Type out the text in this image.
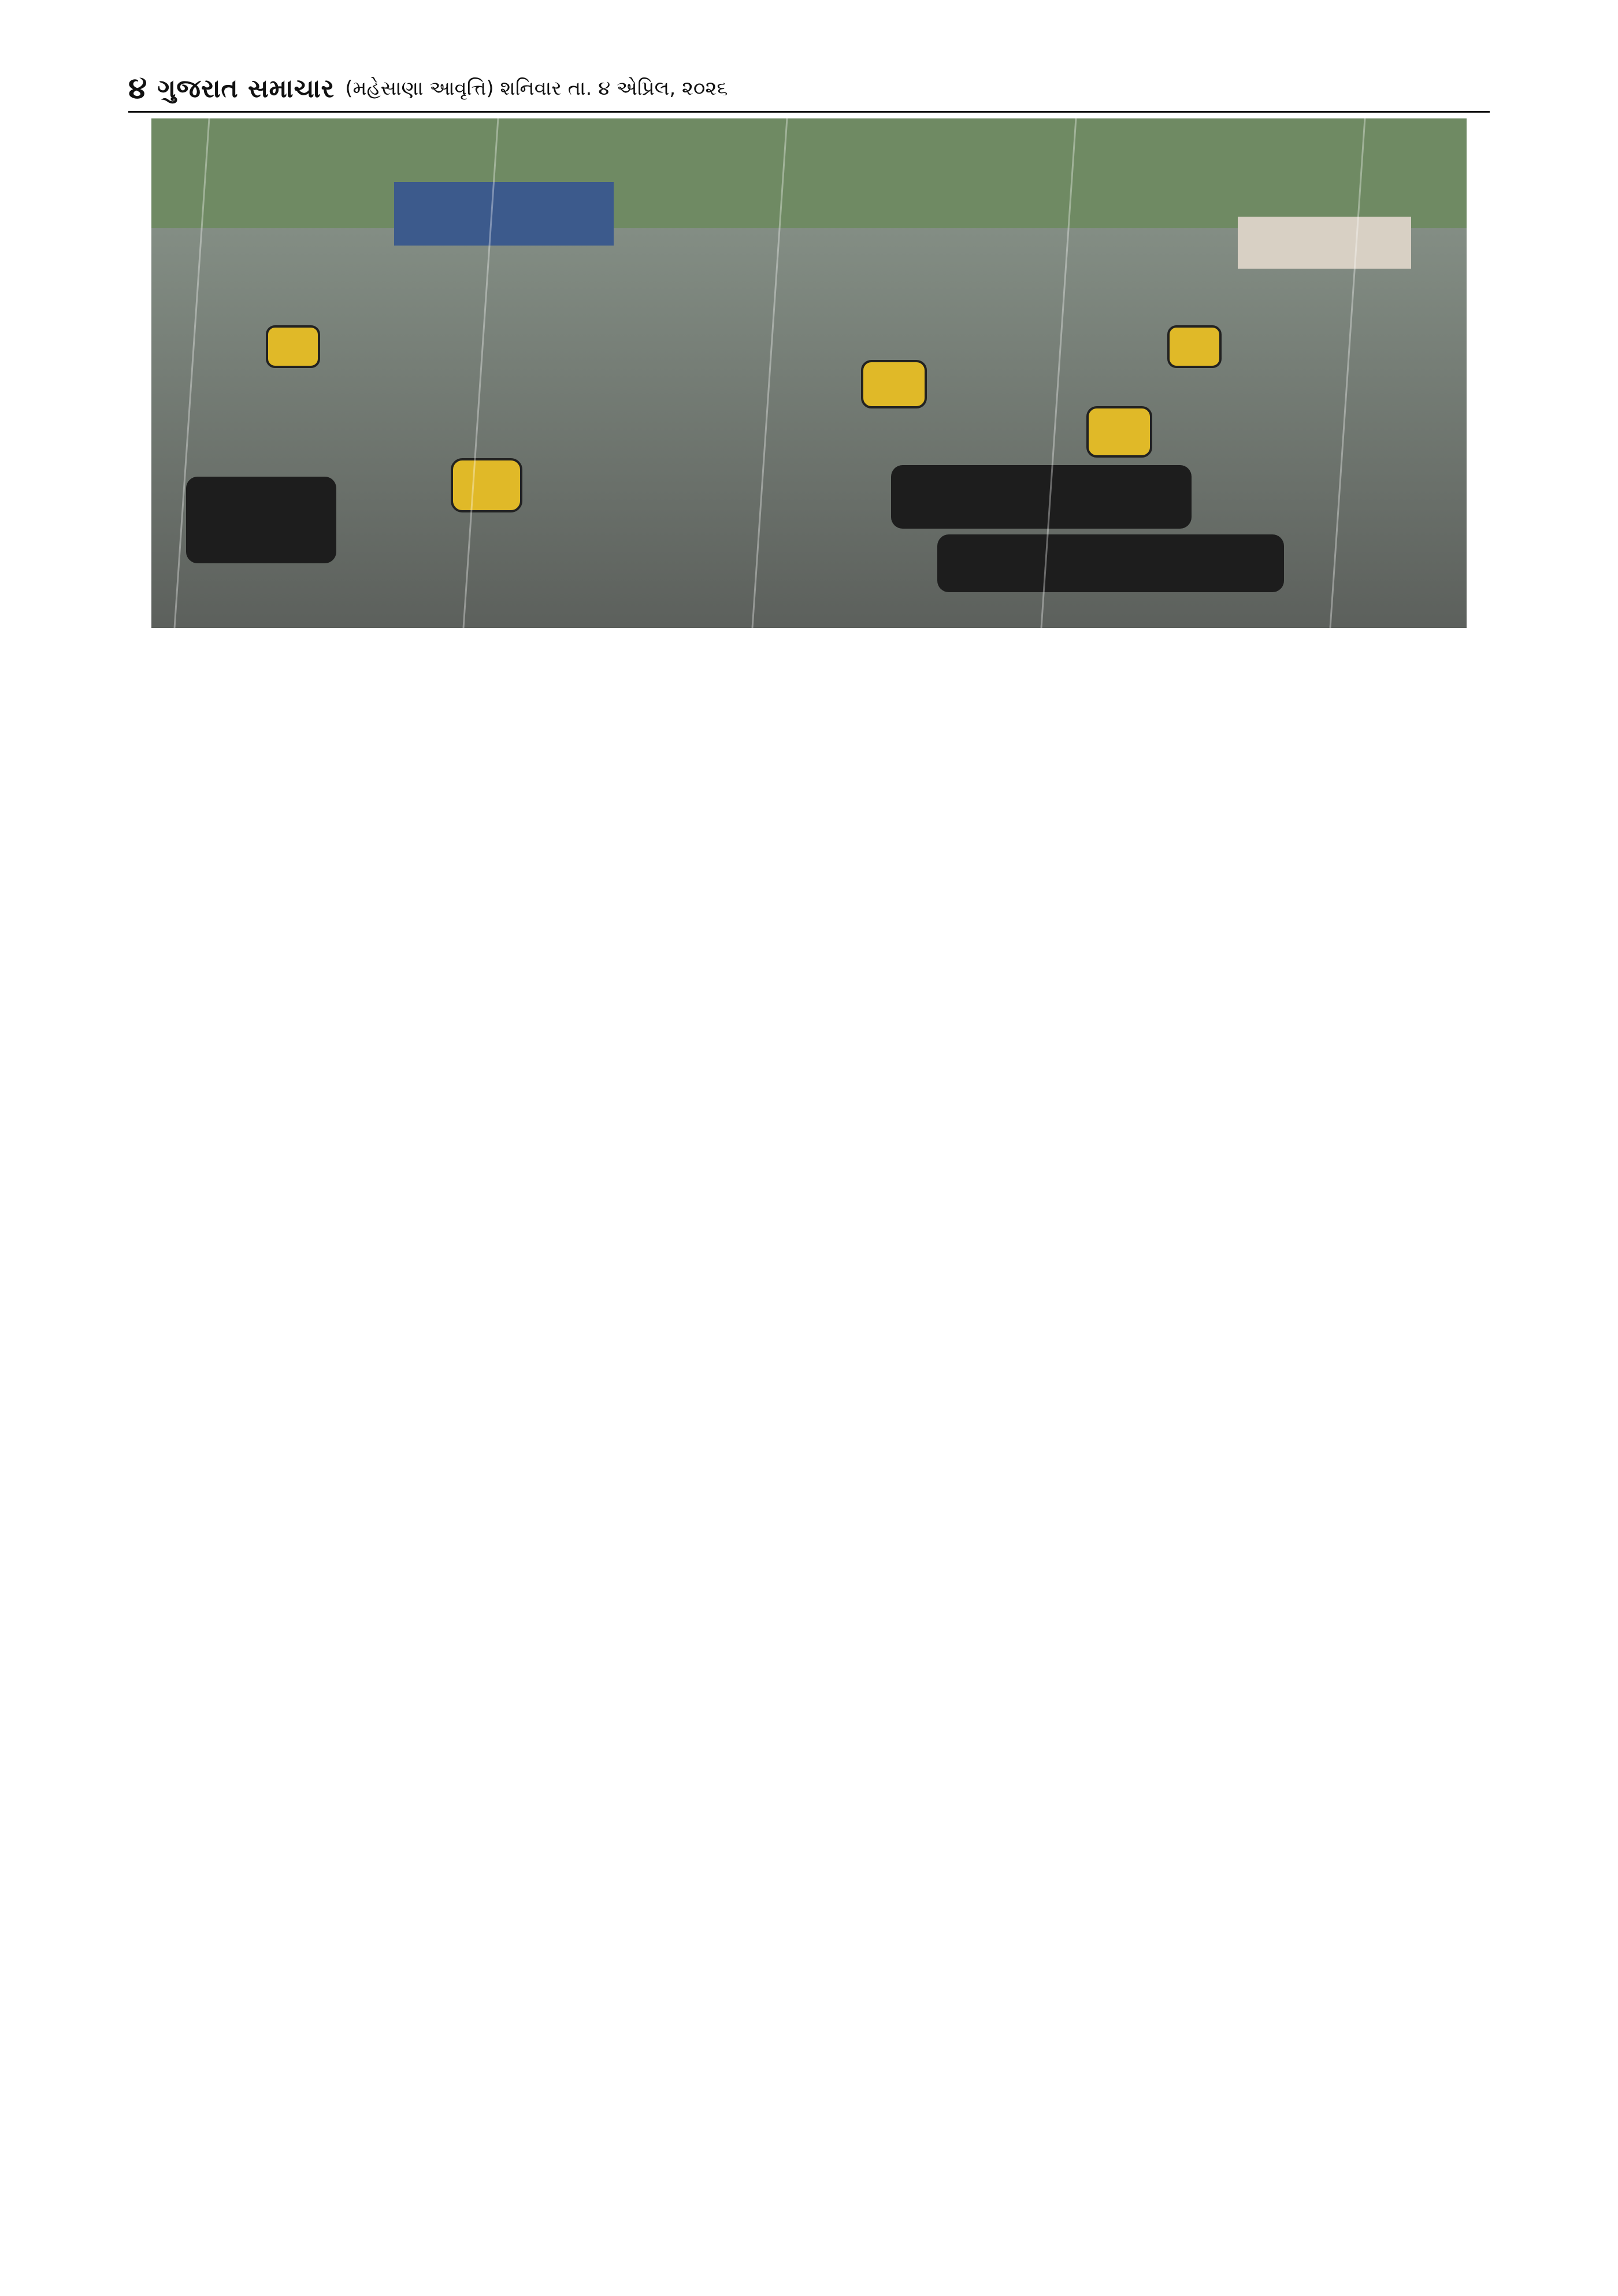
૪ ગુજરાત સમાચાર (મહેસાણા આવૃત્તિ) શનિવાર તા. ૪ એપ્રિલ, ૨૦૨૬
